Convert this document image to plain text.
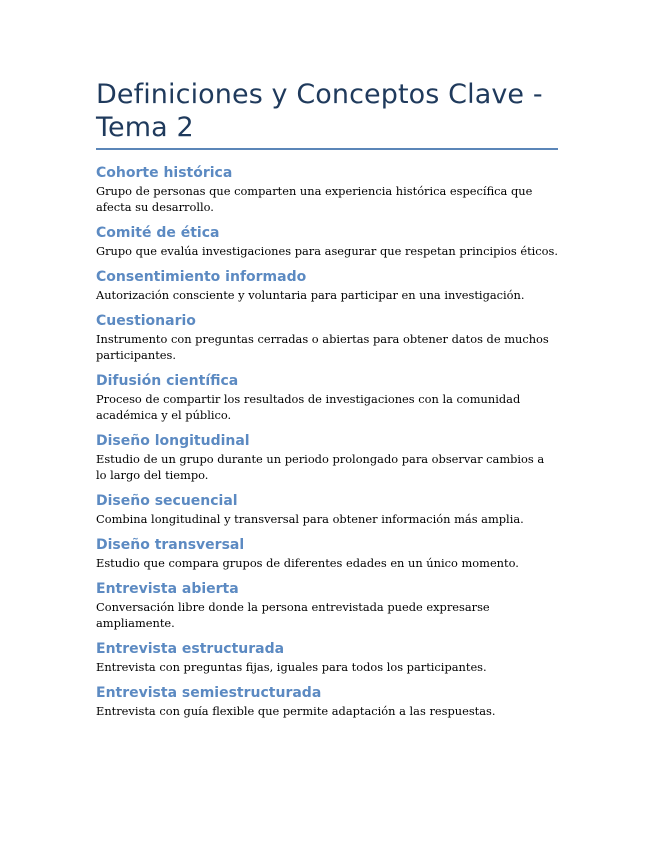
Definiciones y Conceptos Clave - Tema 2
Cohorte histórica

Grupo de personas que comparten una experiencia histórica específica que afecta su desarrollo.

Comité de ética

Grupo que evalúa investigaciones para asegurar que respetan principios éticos.

Consentimiento informado

Autorización consciente y voluntaria para participar en una investigación.

Cuestionario

Instrumento con preguntas cerradas o abiertas para obtener datos de muchos participantes.

Difusión científica

Proceso de compartir los resultados de investigaciones con la comunidad académica y el público.

Diseño longitudinal

Estudio de un grupo durante un periodo prolongado para observar cambios a lo largo del tiempo.

Diseño secuencial

Combina longitudinal y transversal para obtener información más amplia.

Diseño transversal

Estudio que compara grupos de diferentes edades en un único momento.

Entrevista abierta

Conversación libre donde la persona entrevistada puede expresarse ampliamente.

Entrevista estructurada

Entrevista con preguntas fijas, iguales para todos los participantes.

Entrevista semiestructurada

Entrevista con guía flexible que permite adaptación a las respuestas.
